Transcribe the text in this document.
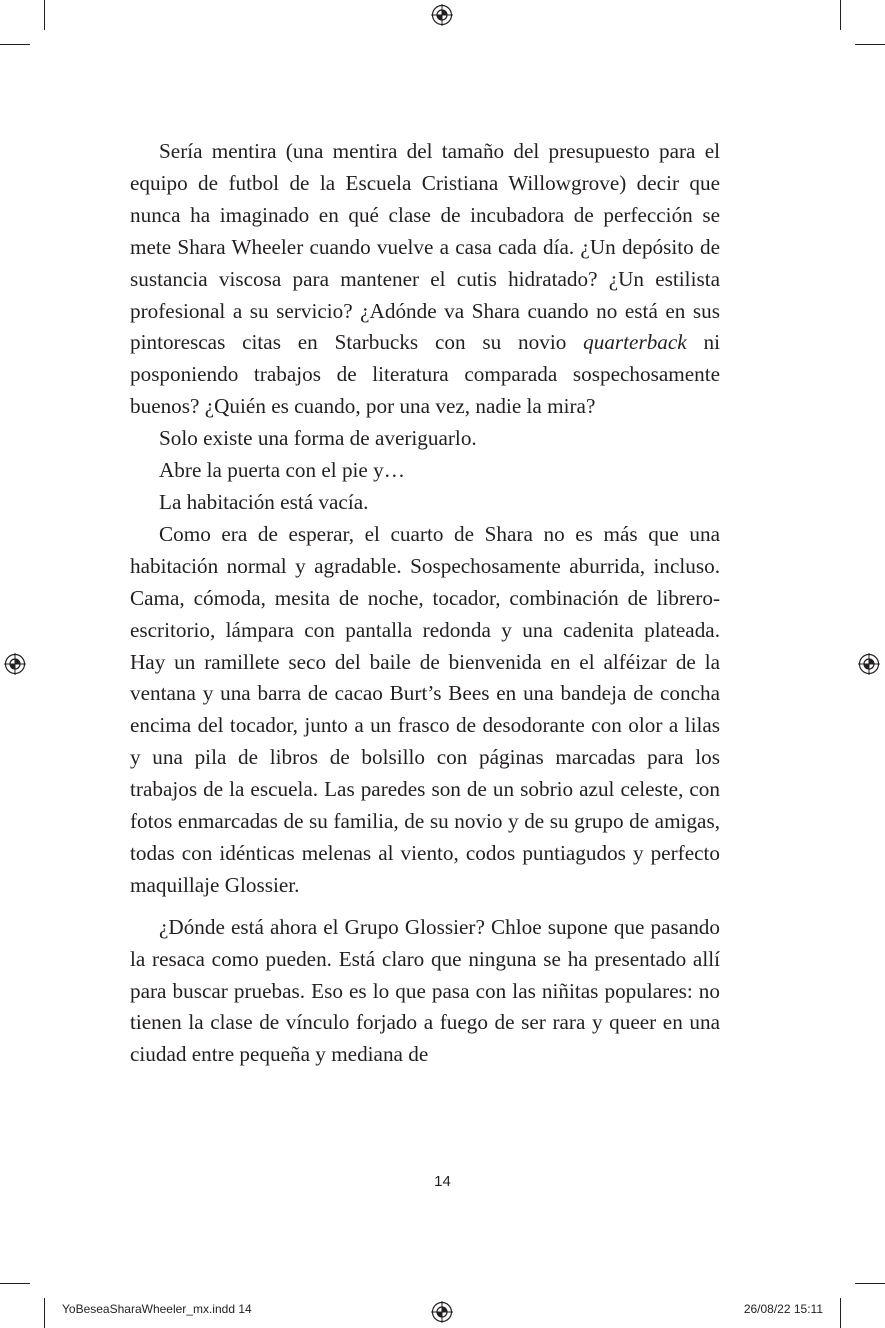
Sería mentira (una mentira del tamaño del presupuesto para el equipo de futbol de la Escuela Cristiana Willowgrove) decir que nunca ha imaginado en qué clase de incubadora de perfección se mete Shara Wheeler cuando vuelve a casa cada día. ¿Un depósito de sustancia viscosa para mantener el cutis hidratado? ¿Un estilista profesional a su servicio? ¿Adónde va Shara cuando no está en sus pintorescas citas en Starbucks con su novio quarterback ni posponiendo trabajos de literatura comparada sospechosamente buenos? ¿Quién es cuando, por una vez, nadie la mira?

Solo existe una forma de averiguarlo.

Abre la puerta con el pie y…

La habitación está vacía.

Como era de esperar, el cuarto de Shara no es más que una habitación normal y agradable. Sospechosamente aburrida, incluso. Cama, cómoda, mesita de noche, tocador, combinación de librero-escritorio, lámpara con pantalla redonda y una cadenita plateada. Hay un ramillete seco del baile de bienvenida en el alféizar de la ventana y una barra de cacao Burt’s Bees en una bandeja de concha encima del tocador, junto a un frasco de desodorante con olor a lilas y una pila de libros de bolsillo con páginas marcadas para los trabajos de la escuela. Las paredes son de un sobrio azul celeste, con fotos enmarcadas de su familia, de su novio y de su grupo de amigas, todas con idénticas melenas al viento, codos puntiagudos y perfecto maquillaje Glossier.

¿Dónde está ahora el Grupo Glossier? Chloe supone que pasando la resaca como pueden. Está claro que ninguna se ha presentado allí para buscar pruebas. Eso es lo que pasa con las niñitas populares: no tienen la clase de vínculo forjado a fuego de ser rara y queer en una ciudad entre pequeña y mediana de

14
YoBeseaSharaWheeler_mx.indd 14	26/08/22 15:11
